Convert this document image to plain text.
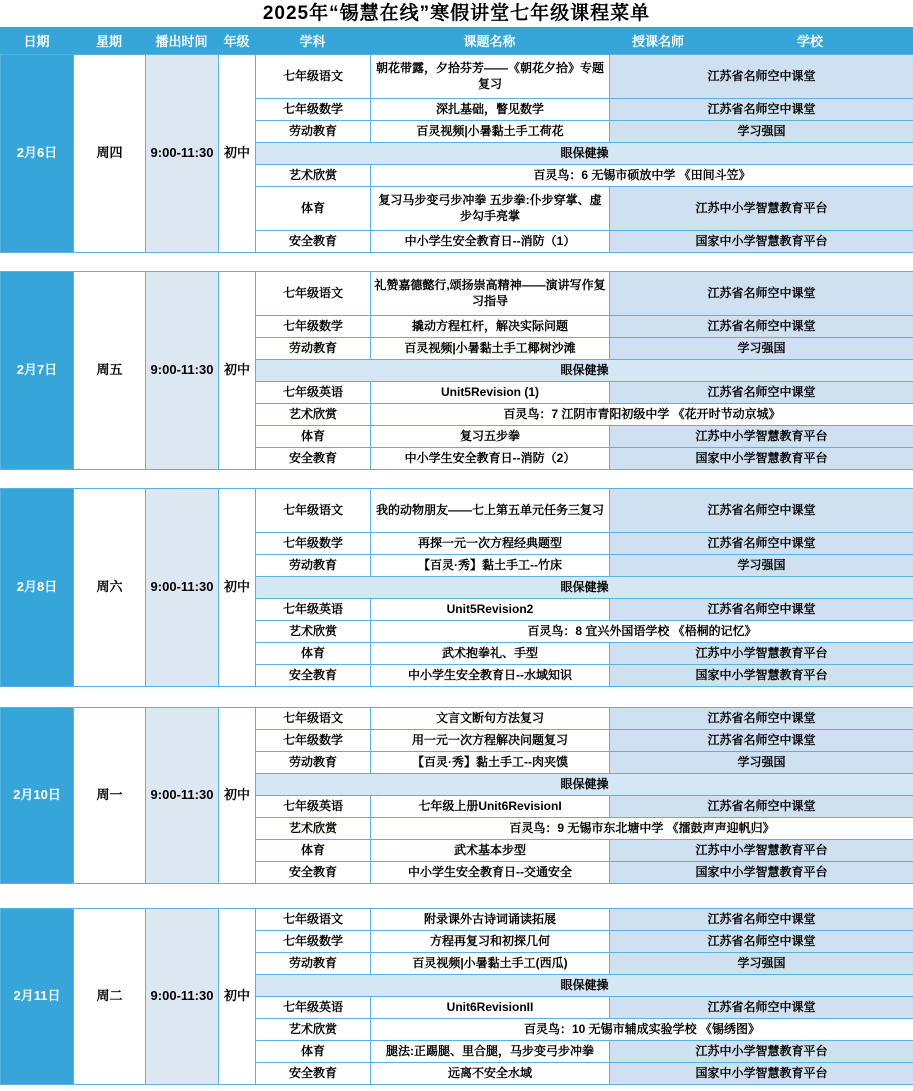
2025年“锡慧在线”寒假讲堂七年级课程菜单
日期	星期	播出时间	年级	学科	课题名称	授课名师	学校
2月6日	周四	9:00-11:30	初中	七年级语文	朝花带露，夕拾芬芳——《朝花夕拾》专题复习	江苏省名师空中课堂
				七年级数学	深扎基础，瞥见数学	江苏省名师空中课堂
				劳动教育	百灵视频|小暑黏土手工荷花	学习强国
				眼保健操		
				艺术欣赏	百灵鸟：6 无锡市硕放中学 《田间斗笠》	
				体育	复习马步变弓步冲拳 五步拳:仆步穿掌、虚步勾手亮掌	江苏中小学智慧教育平台
				安全教育	中小学生安全教育日--消防（1）	国家中小学智慧教育平台
2月7日	周五	9:00-11:30	初中	七年级语文	礼赞嘉德懿行,颂扬崇高精神——演讲写作复习指导	江苏省名师空中课堂
				七年级数学	撬动方程杠杆，解决实际问题	江苏省名师空中课堂
				劳动教育	百灵视频|小暑黏土手工椰树沙滩	学习强国
				眼保健操		
				七年级英语	Unit5Revision (1)	江苏省名师空中课堂
				艺术欣赏	百灵鸟：7 江阴市青阳初级中学 《花开时节动京城》	
				体育	复习五步拳	江苏中小学智慧教育平台
				安全教育	中小学生安全教育日--消防（2）	国家中小学智慧教育平台
2月8日	周六	9:00-11:30	初中	七年级语文	我的动物朋友——七上第五单元任务三复习	江苏省名师空中课堂
				七年级数学	再探一元一次方程经典题型	江苏省名师空中课堂
				劳动教育	【百灵·秀】黏土手工--竹床	学习强国
				眼保健操		
				七年级英语	Unit5Revision2	江苏省名师空中课堂
				艺术欣赏	百灵鸟：8 宜兴外国语学校 《梧桐的记忆》	
				体育	武术抱拳礼、手型	江苏中小学智慧教育平台
				安全教育	中小学生安全教育日--水域知识	国家中小学智慧教育平台
2月10日	周一	9:00-11:30	初中	七年级语文	文言文断句方法复习	江苏省名师空中课堂
				七年级数学	用一元一次方程解决问题复习	江苏省名师空中课堂
				劳动教育	【百灵·秀】黏土手工--肉夹馍	学习强国
				眼保健操		
				七年级英语	七年级上册Unit6RevisionI	江苏省名师空中课堂
				艺术欣赏	百灵鸟：9 无锡市东北塘中学 《擂鼓声声迎帆归》	
				体育	武术基本步型	江苏中小学智慧教育平台
				安全教育	中小学生安全教育日--交通安全	国家中小学智慧教育平台
2月11日	周二	9:00-11:30	初中	七年级语文	附录课外古诗词诵读拓展	江苏省名师空中课堂
				七年级数学	方程再复习和初探几何	江苏省名师空中课堂
				劳动教育	百灵视频|小暑黏土手工(西瓜)	学习强国
				眼保健操		
				七年级英语	Unit6RevisionII	江苏省名师空中课堂
				艺术欣赏	百灵鸟：10 无锡市辅成实验学校 《锡绣图》	
				体育	腿法:正踢腿、里合腿，马步变弓步冲拳	江苏中小学智慧教育平台
				安全教育	远离不安全水域	国家中小学智慧教育平台
